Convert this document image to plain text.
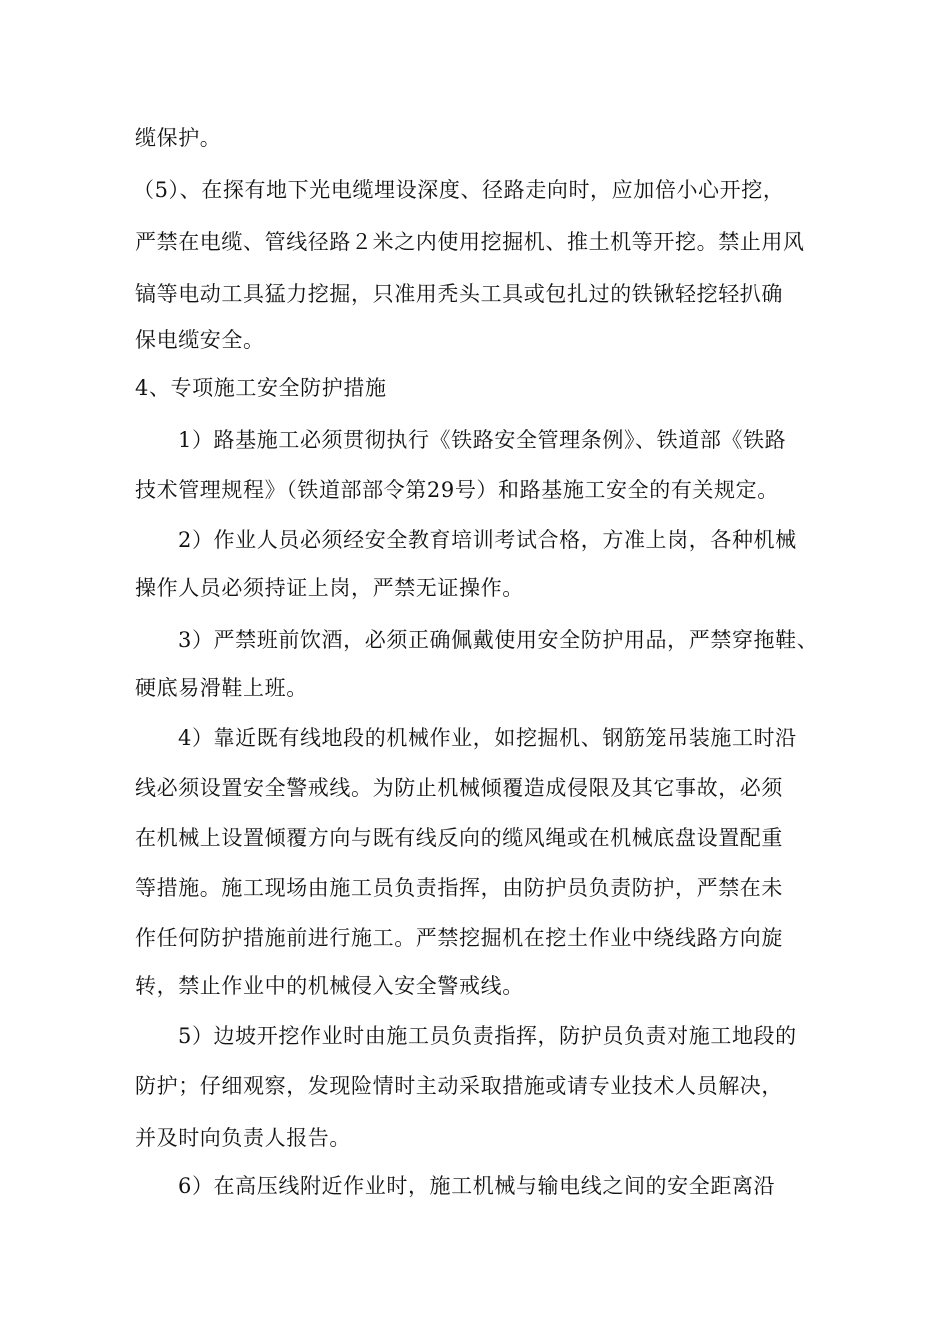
缆保护。
（5）、在探有地下光电缆埋设深度、径路走向时，应加倍小心开挖，
严禁在电缆、管线径路２米之内使用挖掘机、推土机等开挖。禁止用风
镐等电动工具猛力挖掘，只准用秃头工具或包扎过的铁锹轻挖轻扒确
保电缆安全。
4、专项施工安全防护措施
1）路基施工必须贯彻执行《铁路安全管理条例》、铁道部《铁路
技术管理规程》（铁道部部令第29号）和路基施工安全的有关规定。
2）作业人员必须经安全教育培训考试合格，方准上岗，各种机械
操作人员必须持证上岗，严禁无证操作。
3）严禁班前饮酒，必须正确佩戴使用安全防护用品，严禁穿拖鞋、
硬底易滑鞋上班。
4）靠近既有线地段的机械作业，如挖掘机、钢筋笼吊装施工时沿
线必须设置安全警戒线。为防止机械倾覆造成侵限及其它事故，必须
在机械上设置倾覆方向与既有线反向的缆风绳或在机械底盘设置配重
等措施。施工现场由施工员负责指挥，由防护员负责防护，严禁在未
作任何防护措施前进行施工。严禁挖掘机在挖土作业中绕线路方向旋
转，禁止作业中的机械侵入安全警戒线。
5）边坡开挖作业时由施工员负责指挥，防护员负责对施工地段的
防护；仔细观察，发现险情时主动采取措施或请专业技术人员解决，
并及时向负责人报告。
6）在高压线附近作业时，施工机械与输电线之间的安全距离沿
